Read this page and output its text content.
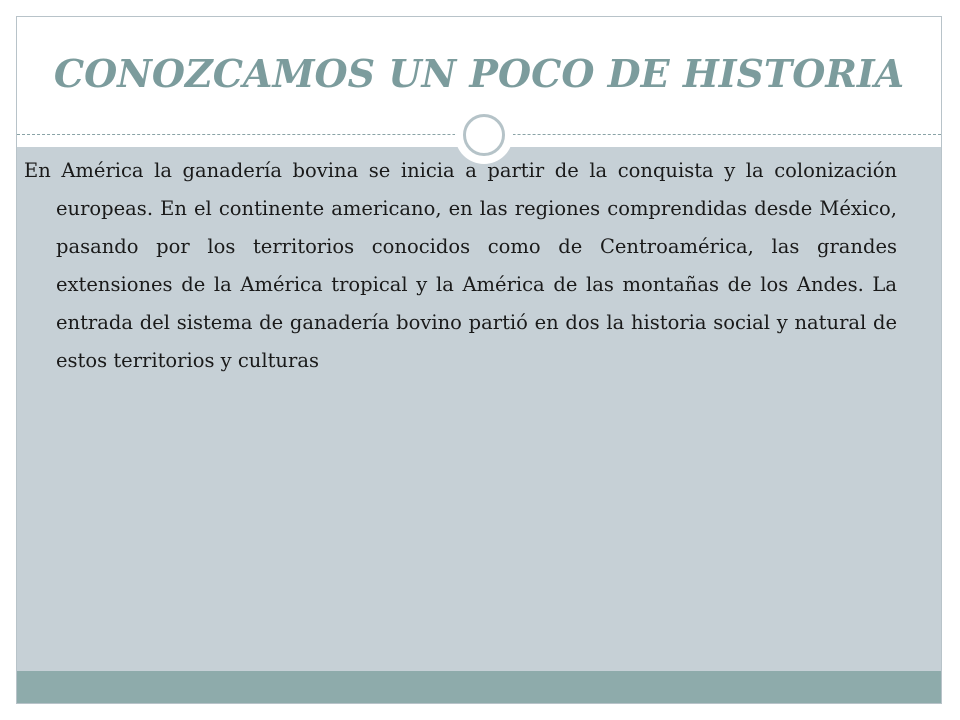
CONOZCAMOS UN POCO DE HISTORIA

En América la ganadería bovina se inicia a partir de la conquista y la colonización europeas. En el continente americano, en las regiones comprendidas desde México, pasando por los territorios conocidos como de Centroamérica, las grandes extensiones de la América tropical y la América de las montañas de los Andes. La entrada del sistema de ganadería bovino partió en dos la historia social y natural de estos territorios y culturas
